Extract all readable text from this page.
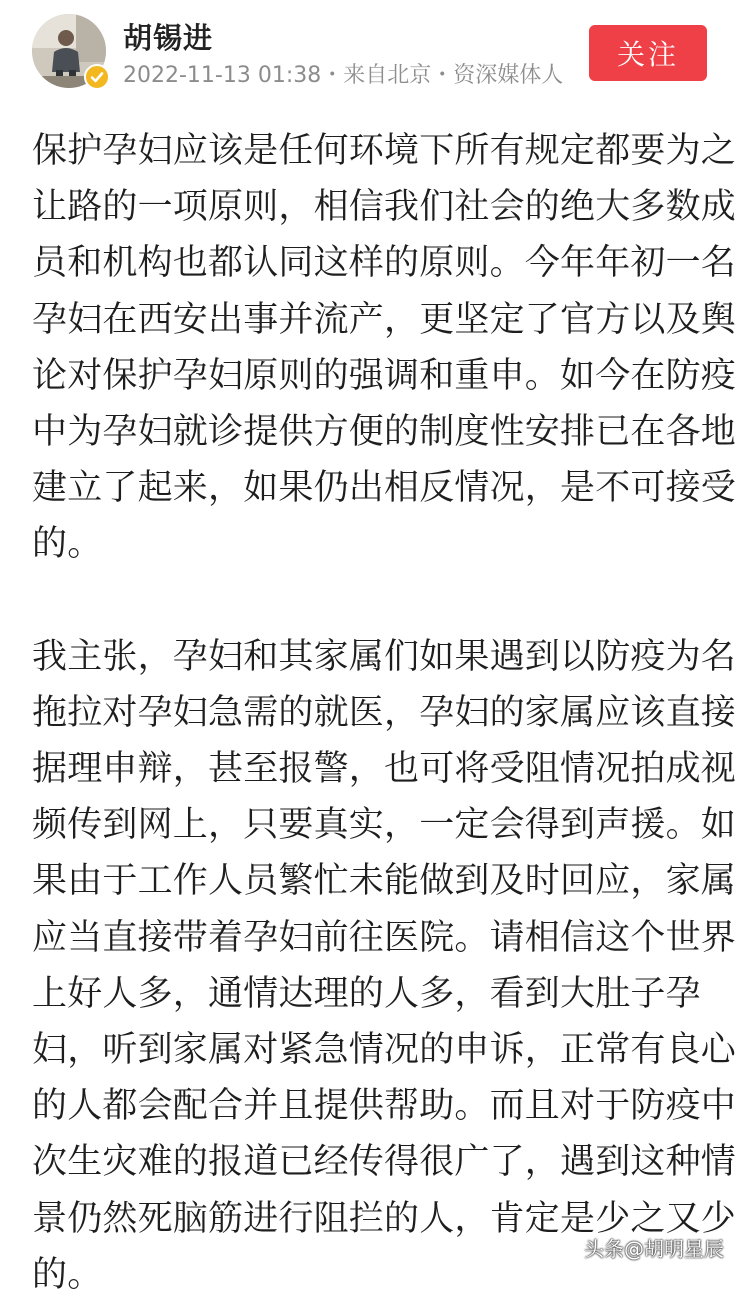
胡锡进
2022-11-13 01:38・来自北京・资深媒体人
关注

保护孕妇应该是任何环境下所有规定都要为之
让路的一项原则，相信我们社会的绝大多数成
员和机构也都认同这样的原则。今年年初一名
孕妇在西安出事并流产，更坚定了官方以及舆
论对保护孕妇原则的强调和重申。如今在防疫
中为孕妇就诊提供方便的制度性安排已在各地
建立了起来，如果仍出相反情况，是不可接受
的。

我主张，孕妇和其家属们如果遇到以防疫为名
拖拉对孕妇急需的就医，孕妇的家属应该直接
据理申辩，甚至报警，也可将受阻情况拍成视
频传到网上，只要真实，一定会得到声援。如
果由于工作人员繁忙未能做到及时回应，家属
应当直接带着孕妇前往医院。请相信这个世界
上好人多，通情达理的人多，看到大肚子孕
妇，听到家属对紧急情况的申诉，正常有良心
的人都会配合并且提供帮助。而且对于防疫中
次生灾难的报道已经传得很广了，遇到这种情
景仍然死脑筋进行阻拦的人，肯定是少之又少
的。

头条@胡明星辰
